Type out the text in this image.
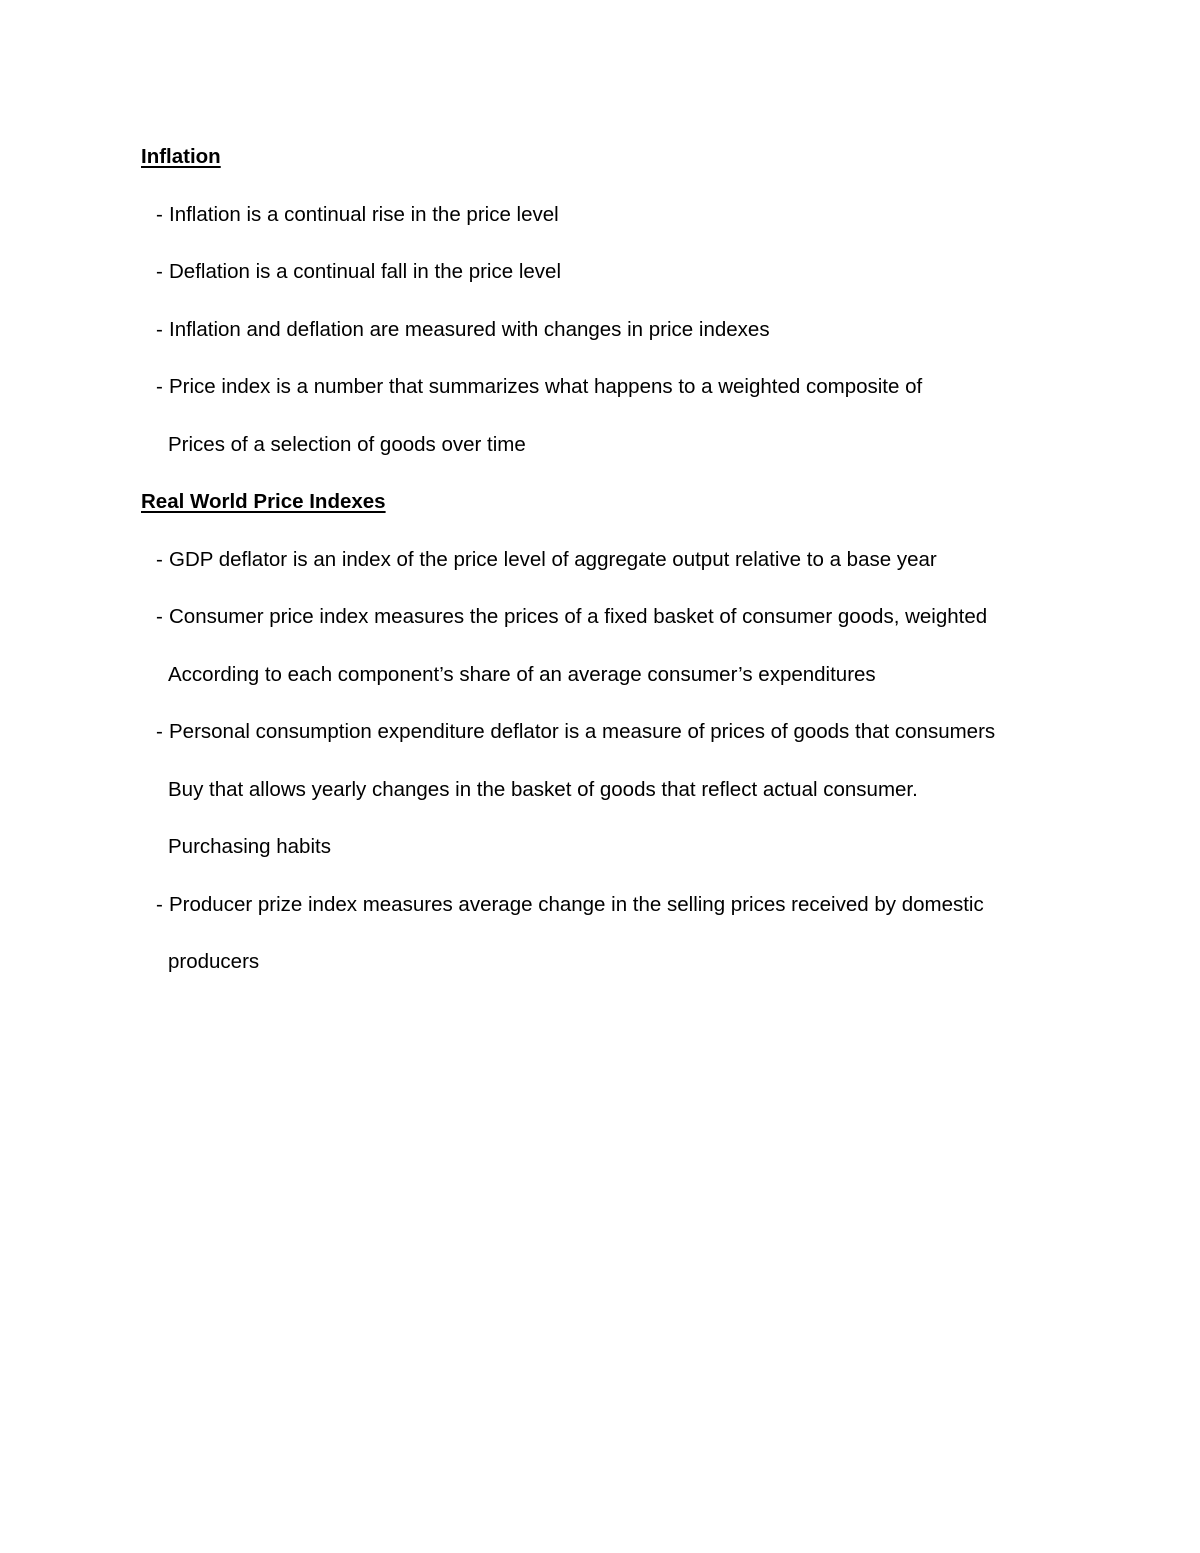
Inflation
- Inflation is a continual rise in the price level
- Deflation is a continual fall in the price level
- Inflation and deflation are measured with changes in price indexes
- Price index is a number that summarizes what happens to a weighted composite of
Prices of a selection of goods over time
Real World Price Indexes
- GDP deflator is an index of the price level of aggregate output relative to a base year
- Consumer price index measures the prices of a fixed basket of consumer goods, weighted
According to each component’s share of an average consumer’s expenditures
- Personal consumption expenditure deflator is a measure of prices of goods that consumers
Buy that allows yearly changes in the basket of goods that reflect actual consumer.
Purchasing habits
- Producer prize index measures average change in the selling prices received by domestic
producers
